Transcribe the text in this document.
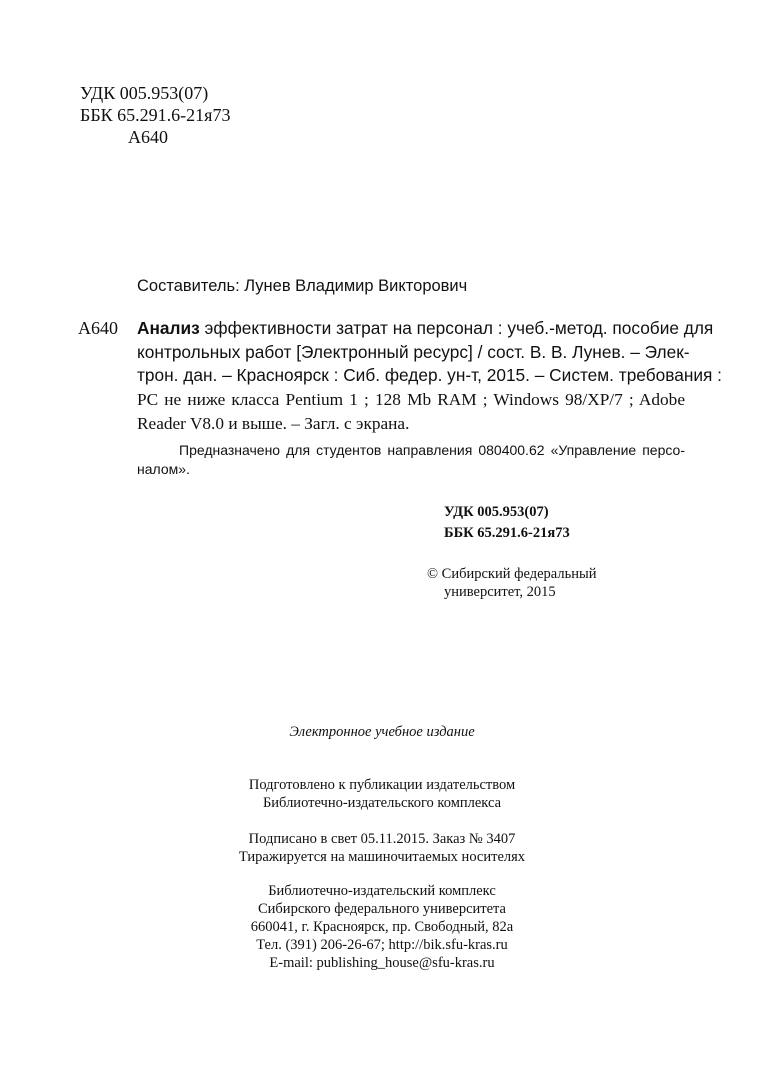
УДК 005.953(07)
ББК 65.291.6-21я73
А640
Составитель: Лунев Владимир Викторович
А640 Анализ эффективности затрат на персонал : учеб.-метод. пособие для
контрольных работ [Электронный ресурс] / сост. В. В. Лунев. – Элек-
трон. дан. – Красноярск : Сиб. федер. ун-т, 2015. – Систем. требования :
PC не ниже класса Pentium 1 ; 128 Mb RAM ; Windows 98/XP/7 ; Adobe
Reader V8.0 и выше. – Загл. с экрана.
Предназначено для студентов направления 080400.62 «Управление персо-
налом».
УДК 005.953(07)
ББК 65.291.6-21я73
© Сибирский федеральный
университет, 2015
Электронное учебное издание
Подготовлено к публикации издательством
Библиотечно-издательского комплекса
Подписано в свет 05.11.2015. Заказ № 3407
Тиражируется на машиночитаемых носителях
Библиотечно-издательский комплекс
Сибирского федерального университета
660041, г. Красноярск, пр. Свободный, 82а
Тел. (391) 206-26-67; http://bik.sfu-kras.ru
E-mail: publishing_house@sfu-kras.ru
